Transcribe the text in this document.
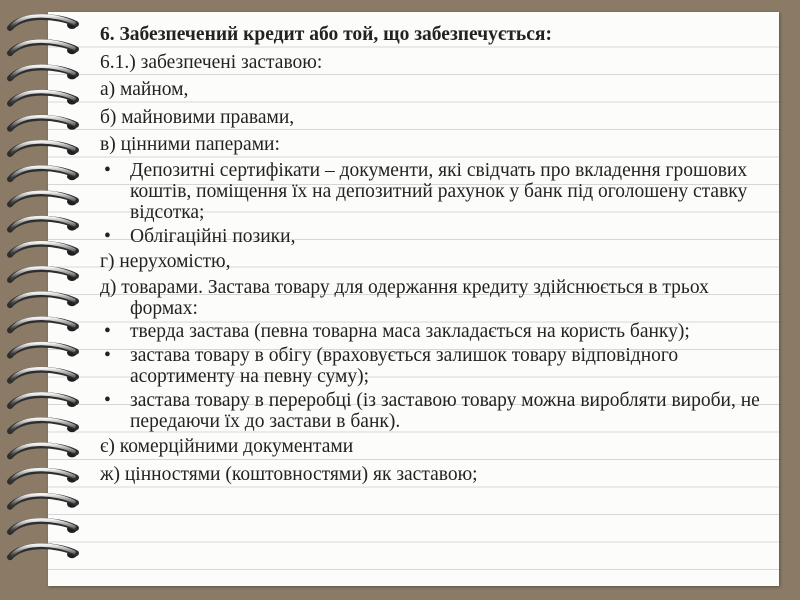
6. Забезпечений кредит або той, що забезпечується:
6.1.) забезпечені заставою:
а) майном,
б) майновими правами,
в) цінними паперами:
• Депозитні сертифікати – документи, які свідчать про вкладення грошових коштів, поміщення їх на депозитний рахунок у банк під оголошену ставку відсотка;
• Облігаційні позики,
г) нерухомістю,
д) товарами. Застава товару для одержання кредиту здійснюється в трьох формах:
• тверда застава (певна товарна маса закладається на користь банку);
• застава товару в обігу (враховується залишок товару відповідного асортименту на певну суму);
• застава товару в переробці (із заставою товару можна виробляти вироби, не передаючи їх до застави в банк).
є) комерційними документами
ж) цінностями (коштовностями) як заставою;
